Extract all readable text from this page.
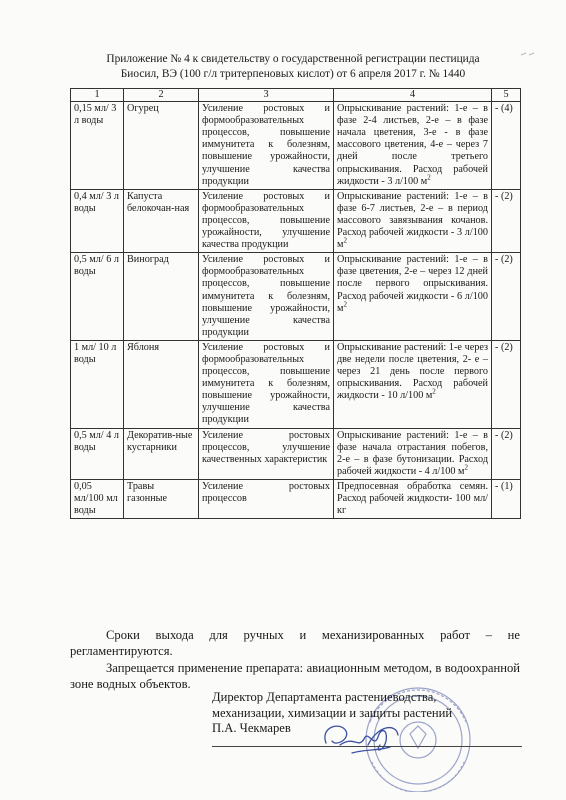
Приложение № 4 к свидетельству о государственной регистрации пестицида
Биосил, ВЭ (100 г/л тритерпеновых кислот) от 6 апреля 2017 г. № 1440
1	2	3	4	5
0,15 мл/ 3 л воды	Огурец	Усиление ростовых и формообразовательных процессов, повышение иммунитета к болезням, повышение урожайности, улучшение качества продукции	Опрыскивание растений: 1-е – в фазе 2-4 листьев, 2-е – в фазе начала цветения, 3-е - в фазе массового цветения, 4-е – через 7 дней после третьего опрыскивания. Расход рабочей жидкости - 3 л/100 $м^2$	- (4)
0,4 мл/ 3 л воды	Капуста белокочан-ная	Усиление ростовых и формообразовательных процессов, повышение урожайности, улучшение качества продукции	Опрыскивание растений: 1-е – в фазе 6-7 листьев, 2-е – в период массового завязывания кочанов. Расход рабочей жидкости - 3 л/100 $м^2$	- (2)
0,5 мл/ 6 л воды	Виноград	Усиление ростовых и формообразовательных процессов, повышение иммунитета к болезням, повышение урожайности, улучшение качества продукции	Опрыскивание растений: 1-е – в фазе цветения, 2-е – через 12 дней после первого опрыскивания. Расход рабочей жидкости - 6 л/100 $м^2$	- (2)
1 мл/ 10 л воды	Яблоня	Усиление ростовых и формообразовательных процессов, повышение иммунитета к болезням, повышение урожайности, улучшение качества продукции	Опрыскивание растений: 1-е через две недели после цветения, 2- е – через 21 день после первого опрыскивания. Расход рабочей жидкости - 10 л/100 $м^2$	- (2)
0,5 мл/ 4 л воды	Декоратив-ные кустарники	Усиление ростовых процессов, улучшение качественных характеристик	Опрыскивание растений: 1-е – в фазе начала отрастания побегов, 2-е – в фазе бутонизации. Расход рабочей жидкости - 4 л/100 $м^2$	- (2)
0,05 мл/100 мл воды	Травы газонные	Усиление ростовых процессов	Предпосевная обработка семян. Расход рабочей жидкости- 100 мл/кг	- (1)
Сроки выхода для ручных и механизированных работ – не регламентируются.
Запрещается применение препарата: авиационным методом, в водоохранной зоне водных объектов.
Директор Департамента растениеводства,
механизации, химизации и защиты растений
П.А. Чекмарев
